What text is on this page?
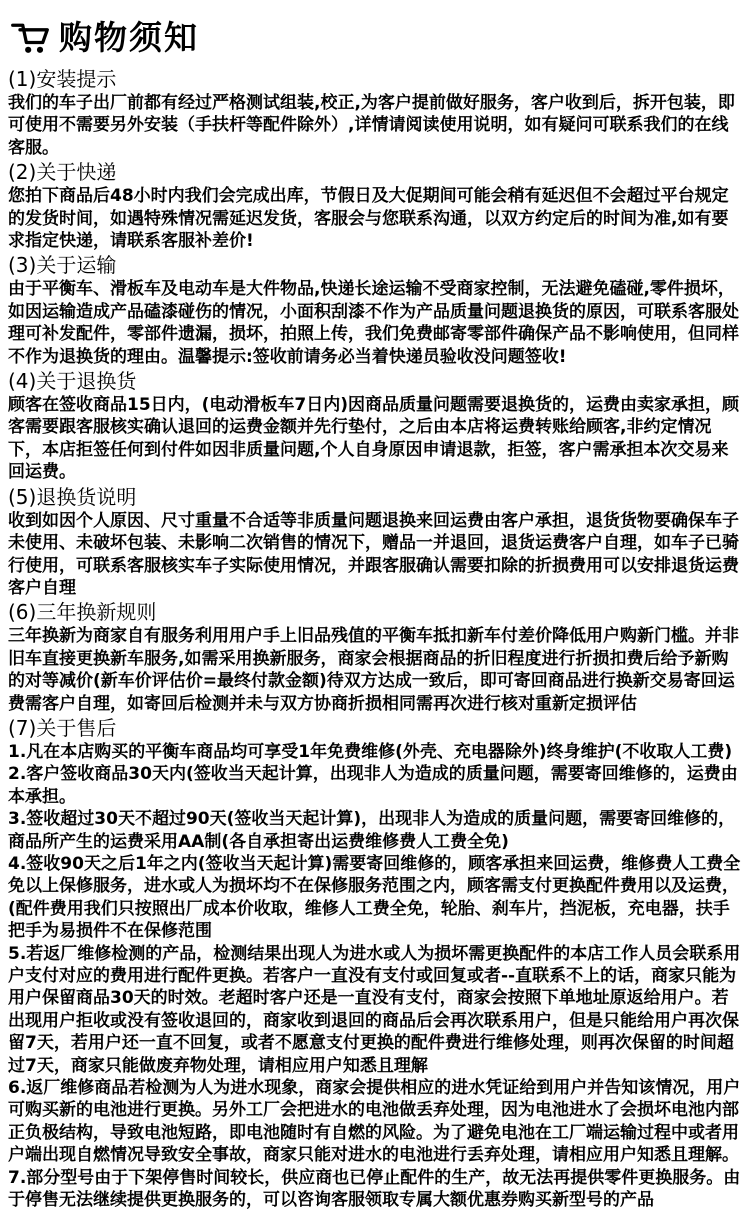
购物须知
(1)安装提示

我们的车子出厂前都有经过严格测试组装,校正,为客户提前做好服务，客户收到后，拆开包装，即可使用不需要另外安装（手扶杆等配件除外）,详情请阅读使用说明，如有疑问可联系我们的在线客服。

(2)关于快递

您拍下商品后48小时内我们会完成出库，节假日及大促期间可能会稍有延迟但不会超过平台规定的发货时间，如遇特殊情况需延迟发货，客服会与您联系沟通，以双方约定后的时间为准,如有要求指定快递，请联系客服补差价!

(3)关于运输

由于平衡车、滑板车及电动车是大件物品,快递长途运输不受商家控制，无法避免磕碰,零件损坏，如因运输造成产品磕漆碰伤的情况，小面积刮漆不作为产品质量问题退换货的原因，可联系客服处理可补发配件，零部件遗漏，损坏，拍照上传，我们免费邮寄零部件确保产品不影响使用，但同样不作为退换货的理由。温馨提示:签收前请务必当着快递员验收没问题签收!

(4)关于退换货

顾客在签收商品15日内，(电动滑板车7日内)因商品质量问题需要退换货的，运费由卖家承担，顾客需要跟客服核实确认退回的运费金额并先行垫付，之后由本店将运费转账给顾客,非约定情况下，本店拒签任何到付件如因非质量问题,个人自身原因申请退款，拒签，客户需承担本次交易来回运费。

(5)退换货说明

收到如因个人原因、尺寸重量不合适等非质量问题退换来回运费由客户承担，退货货物要确保车子未使用、未破坏包装、未影响二次销售的情况下，赠品一并退回，退货运费客户自理，如车子已骑行使用，可联系客服核实车子实际使用情况，并跟客服确认需要扣除的折损费用可以安排退货运费客户自理

(6)三年换新规则

三年换新为商家自有服务利用用户手上旧品残值的平衡车抵扣新车付差价降低用户购新门槛。并非旧车直接更换新车服务,如需采用换新服务，商家会根据商品的折旧程度进行折损扣费后给予新购的对等减价(新车价评估价=最终付款金额)待双方达成一致后，即可寄回商品进行换新交易寄回运费需客户自理，如寄回后检测并未与双方协商折损相同需再次进行核对重新定损评估

(7)关于售后

1.凡在本店购买的平衡车商品均可享受1年免费维修(外壳、充电器除外)终身维护(不收取人工费)

2.客户签收商品30天内(签收当天起计算，出现非人为造成的质量问题，需要寄回维修的，运费由本承担。

3.签收超过30天不超过90天(签收当天起计算)，出现非人为造成的质量问题，需要寄回维修的，商品所产生的运费采用AA制(各自承担寄出运费维修费人工费全免)

4.签收90天之后1年之内(签收当天起计算)需要寄回维修的，顾客承担来回运费，维修费人工费全免以上保修服务，进水或人为损坏均不在保修服务范围之内，顾客需支付更换配件费用以及运费，(配件费用我们只按照出厂成本价收取，维修人工费全免，轮胎、刹车片，挡泥板，充电器，扶手把手为易损件不在保修范围

5.若返厂维修检测的产品，检测结果出现人为进水或人为损坏需更换配件的本店工作人员会联系用户支付对应的费用进行配件更换。若客户一直没有支付或回复或者--直联系不上的话，商家只能为用户保留商品30天的时效。老超时客户还是一直没有支付，商家会按照下单地址原返给用户。若出现用户拒收或没有签收退回的，商家收到退回的商品后会再次联系用户，但是只能给用户再次保留7天，若用户还一直不回复，或者不愿意支付更换的配件费进行维修处理，则再次保留的时间超过7天，商家只能做废弃物处理，请相应用户知悉且理解

6.返厂维修商品若检测为人为进水现象，商家会提供相应的进水凭证给到用户并告知该情况，用户可购买新的电池进行更换。另外工厂会把进水的电池做丢弃处理，因为电池进水了会损坏电池内部正负极结构，导致电池短路，即电池随时有自燃的风险。为了避免电池在工厂端运输过程中或者用户端出现自燃情况导致安全事故，商家只能对进水的电池进行丢弃处理，请相应用户知悉且理解。

7.部分型号由于下架停售时间较长，供应商也已停止配件的生产，故无法再提供零件更换服务。由于停售无法继续提供更换服务的，可以咨询客服领取专属大额优惠券购买新型号的产品
